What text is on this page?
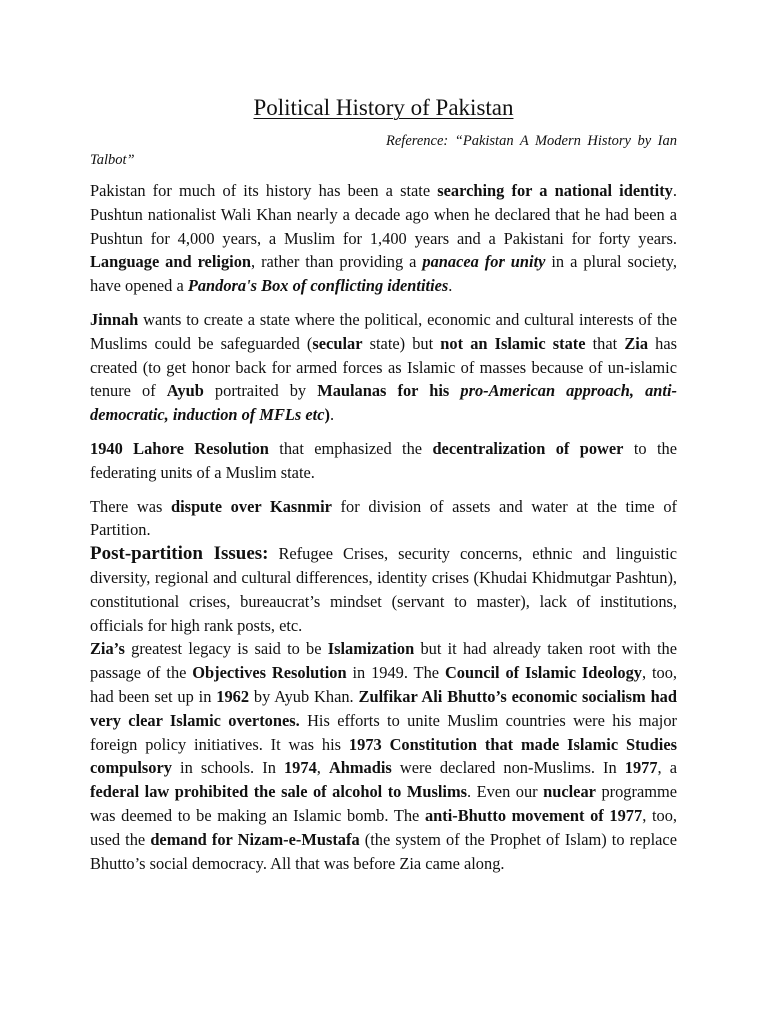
Political History of Pakistan

Reference: “Pakistan A Modern History by Ian Talbot”

Pakistan for much of its history has been a state searching for a national identity. Pushtun nationalist Wali Khan nearly a decade ago when he declared that he had been a Pushtun for 4,000 years, a Muslim for 1,400 years and a Pakistani for forty years. Language and religion, rather than providing a panacea for unity in a plural society, have opened a Pandora's Box of conflicting identities.

Jinnah wants to create a state where the political, economic and cultural interests of the Muslims could be safeguarded (secular state) but not an Islamic state that Zia has created (to get honor back for armed forces as Islamic of masses because of un-islamic tenure of Ayub portraited by Maulanas for his pro-American approach, anti-democratic, induction of MFLs etc).

1940 Lahore Resolution that emphasized the decentralization of power to the federating units of a Muslim state.

There was dispute over Kasnmir for division of assets and water at the time of Partition.

Post-partition Issues: Refugee Crises, security concerns, ethnic and linguistic diversity, regional and cultural differences, identity crises (Khudai Khidmutgar Pashtun), constitutional crises, bureaucrat’s mindset (servant to master), lack of institutions, officials for high rank posts, etc.

Zia’s greatest legacy is said to be Islamization but it had already taken root with the passage of the Objectives Resolution in 1949. The Council of Islamic Ideology, too, had been set up in 1962 by Ayub Khan. Zulfikar Ali Bhutto’s economic socialism had very clear Islamic overtones. His efforts to unite Muslim countries were his major foreign policy initiatives. It was his 1973 Constitution that made Islamic Studies compulsory in schools. In 1974, Ahmadis were declared non-Muslims. In 1977, a federal law prohibited the sale of alcohol to Muslims. Even our nuclear programme was deemed to be making an Islamic bomb. The anti-Bhutto movement of 1977, too, used the demand for Nizam-e-Mustafa (the system of the Prophet of Islam) to replace Bhutto’s social democracy. All that was before Zia came along.
